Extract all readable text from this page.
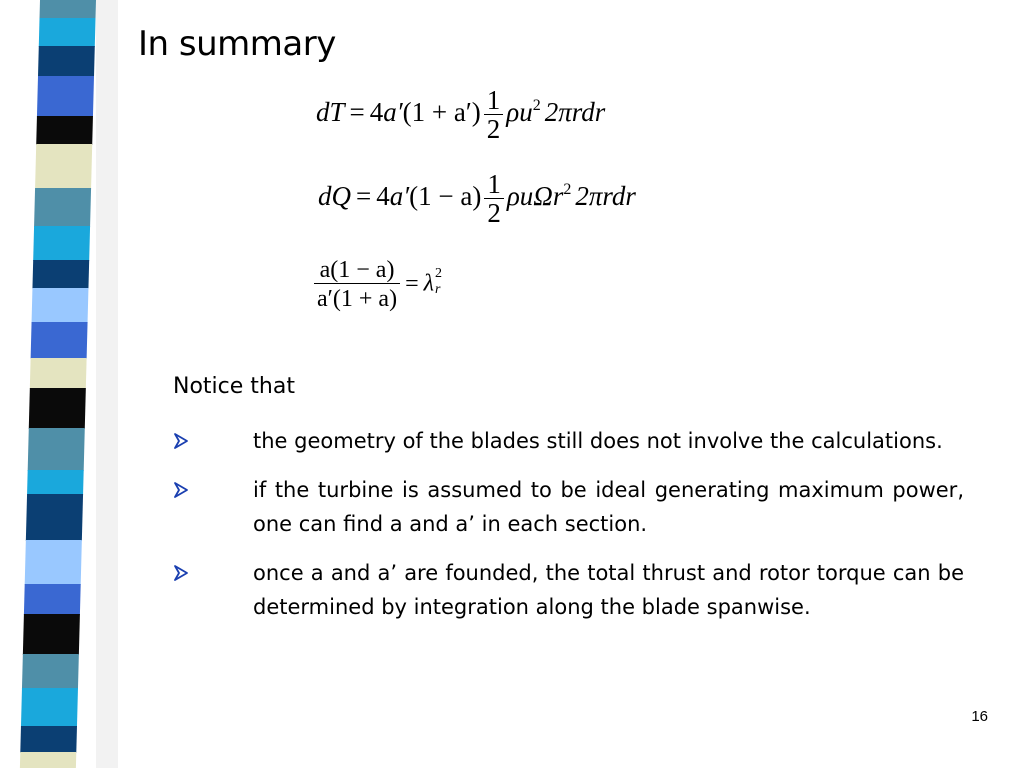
In summary
dT = $4a'(1 + a') \frac{1}{2} \rho u^2$ 2πrdr
dQ = $4a'(1 - a) \frac{1}{2} \rho u\Omega r^2$ 2πrdr
$\frac{a(1 - a)}{a'(1 + a)} = \lambda$ 2
r

Notice that

the geometry of the blades still does not involve the calculations.
if the turbine is assumed to be ideal generating maximum power, one can find a and a’ in each section.
once a and a’ are founded, the total thrust and rotor torque can be determined by integration along the blade spanwise.
16
